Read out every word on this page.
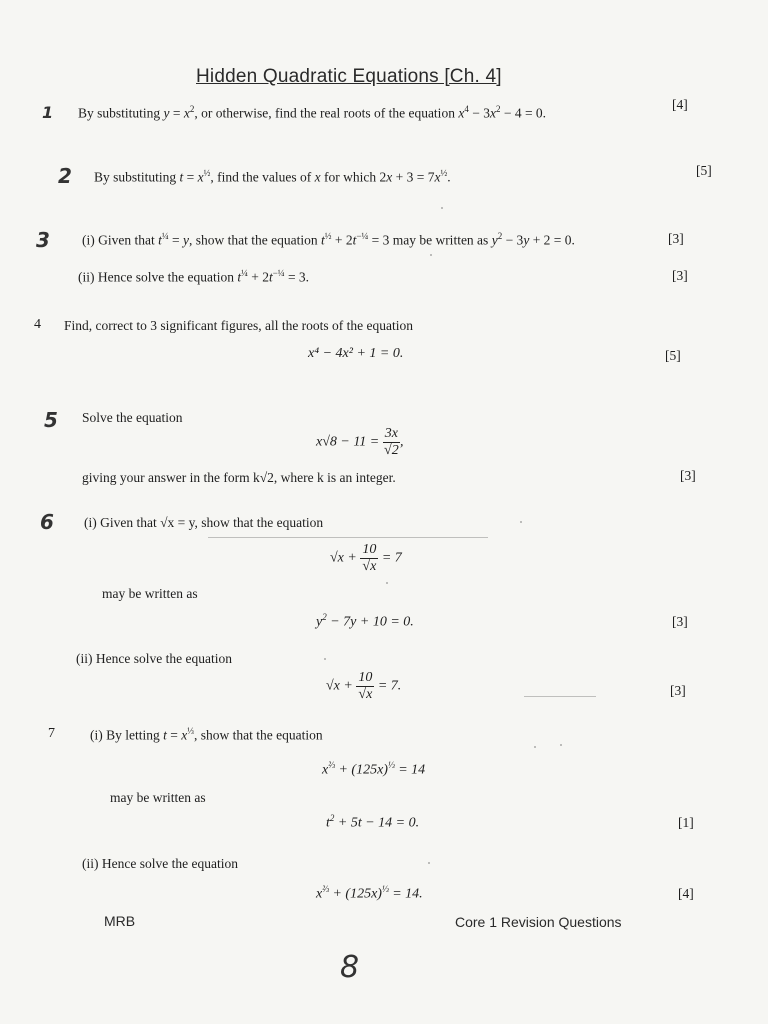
Hidden Quadratic Equations [Ch. 4]
1 By substituting $y = x^2$, or otherwise, find the real roots of the equation $x^4 - 3x^2 - 4 = 0$.
[4]
2 By substituting $t = x^{\frac{1}{2}}$, find the values of x for which $2x + 3 = 7x^{\frac{1}{2}}$.	[5]
3 (i) Given that $t^{\frac{1}{4}} = y$, show that the equation $t^{\frac{1}{2}} + 2t^{-\frac{1}{4}} = 3$ may be written as $y^2 - 3y + 2 = 0$.	[3]
(ii) Hence solve the equation $t^{\frac{1}{4}} + 2t^{-\frac{1}{4}} = 3$.	[3]
4 Find, correct to 3 significant figures, all the roots of the equation
x⁴ − 4x² + 1 = 0.	[5]
5 Solve the equation
$x√8 - 11 = \frac{3x}{√2}$ ,
giving your answer in the form k√2, where k is an integer.	[3]
6 (i) Given that √x = y, show that the equation
$√x + \frac{10}{√x} = 7$
may be written as
$y^2 - 7y + 10 = 0$.	[3]
(ii) Hence solve the equation
$√x + \frac{10}{√x} = 7$.	[3]
7	(i) By letting $t = x^{\frac{1}{3}}$, show that the equation
$x^{\frac{2}{3}} + (125x)^{\frac{1}{3}} = 14$
may be written as
$t^2 + 5t - 14 = 0$.	[1]
(ii) Hence solve the equation
$x^{\frac{2}{3}} + (125x)^{\frac{1}{3}} = 14$.	[4]
MRB	Core 1 Revision Questions
8
